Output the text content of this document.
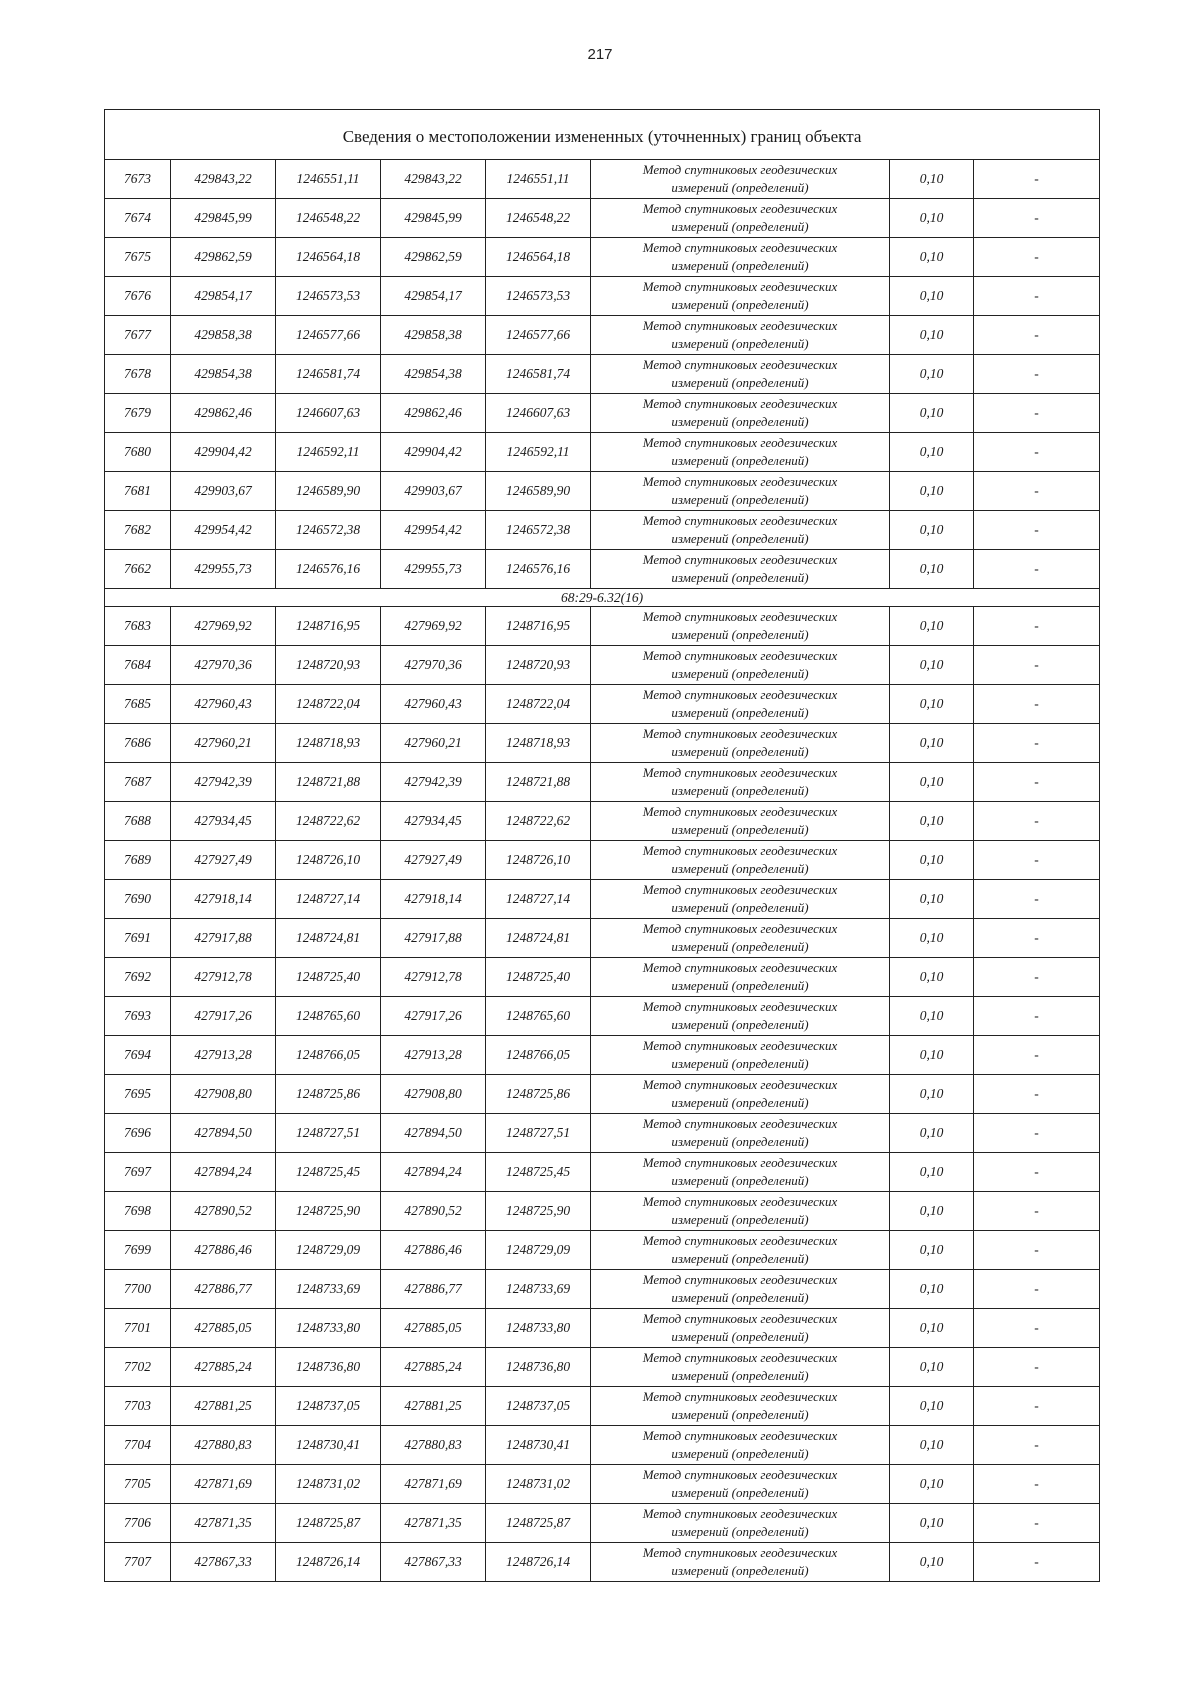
217
Сведения о местоположении измененных (уточненных) границ объекта							
7673	429843,22	1246551,11	429843,22	1246551,11	Метод спутниковых геодезических
измерений (определений)	0,10	-
7674	429845,99	1246548,22	429845,99	1246548,22	Метод спутниковых геодезических
измерений (определений)	0,10	-
7675	429862,59	1246564,18	429862,59	1246564,18	Метод спутниковых геодезических
измерений (определений)	0,10	-
7676	429854,17	1246573,53	429854,17	1246573,53	Метод спутниковых геодезических
измерений (определений)	0,10	-
7677	429858,38	1246577,66	429858,38	1246577,66	Метод спутниковых геодезических
измерений (определений)	0,10	-
7678	429854,38	1246581,74	429854,38	1246581,74	Метод спутниковых геодезических
измерений (определений)	0,10	-
7679	429862,46	1246607,63	429862,46	1246607,63	Метод спутниковых геодезических
измерений (определений)	0,10	-
7680	429904,42	1246592,11	429904,42	1246592,11	Метод спутниковых геодезических
измерений (определений)	0,10	-
7681	429903,67	1246589,90	429903,67	1246589,90	Метод спутниковых геодезических
измерений (определений)	0,10	-
7682	429954,42	1246572,38	429954,42	1246572,38	Метод спутниковых геодезических
измерений (определений)	0,10	-
7662	429955,73	1246576,16	429955,73	1246576,16	Метод спутниковых геодезических
измерений (определений)	0,10	-
68:29-6.32(16)							
7683	427969,92	1248716,95	427969,92	1248716,95	Метод спутниковых геодезических
измерений (определений)	0,10	-
7684	427970,36	1248720,93	427970,36	1248720,93	Метод спутниковых геодезических
измерений (определений)	0,10	-
7685	427960,43	1248722,04	427960,43	1248722,04	Метод спутниковых геодезических
измерений (определений)	0,10	-
7686	427960,21	1248718,93	427960,21	1248718,93	Метод спутниковых геодезических
измерений (определений)	0,10	-
7687	427942,39	1248721,88	427942,39	1248721,88	Метод спутниковых геодезических
измерений (определений)	0,10	-
7688	427934,45	1248722,62	427934,45	1248722,62	Метод спутниковых геодезических
измерений (определений)	0,10	-
7689	427927,49	1248726,10	427927,49	1248726,10	Метод спутниковых геодезических
измерений (определений)	0,10	-
7690	427918,14	1248727,14	427918,14	1248727,14	Метод спутниковых геодезических
измерений (определений)	0,10	-
7691	427917,88	1248724,81	427917,88	1248724,81	Метод спутниковых геодезических
измерений (определений)	0,10	-
7692	427912,78	1248725,40	427912,78	1248725,40	Метод спутниковых геодезических
измерений (определений)	0,10	-
7693	427917,26	1248765,60	427917,26	1248765,60	Метод спутниковых геодезических
измерений (определений)	0,10	-
7694	427913,28	1248766,05	427913,28	1248766,05	Метод спутниковых геодезических
измерений (определений)	0,10	-
7695	427908,80	1248725,86	427908,80	1248725,86	Метод спутниковых геодезических
измерений (определений)	0,10	-
7696	427894,50	1248727,51	427894,50	1248727,51	Метод спутниковых геодезических
измерений (определений)	0,10	-
7697	427894,24	1248725,45	427894,24	1248725,45	Метод спутниковых геодезических
измерений (определений)	0,10	-
7698	427890,52	1248725,90	427890,52	1248725,90	Метод спутниковых геодезических
измерений (определений)	0,10	-
7699	427886,46	1248729,09	427886,46	1248729,09	Метод спутниковых геодезических
измерений (определений)	0,10	-
7700	427886,77	1248733,69	427886,77	1248733,69	Метод спутниковых геодезических
измерений (определений)	0,10	-
7701	427885,05	1248733,80	427885,05	1248733,80	Метод спутниковых геодезических
измерений (определений)	0,10	-
7702	427885,24	1248736,80	427885,24	1248736,80	Метод спутниковых геодезических
измерений (определений)	0,10	-
7703	427881,25	1248737,05	427881,25	1248737,05	Метод спутниковых геодезических
измерений (определений)	0,10	-
7704	427880,83	1248730,41	427880,83	1248730,41	Метод спутниковых геодезических
измерений (определений)	0,10	-
7705	427871,69	1248731,02	427871,69	1248731,02	Метод спутниковых геодезических
измерений (определений)	0,10	-
7706	427871,35	1248725,87	427871,35	1248725,87	Метод спутниковых геодезических
измерений (определений)	0,10	-
7707	427867,33	1248726,14	427867,33	1248726,14	Метод спутниковых геодезических
измерений (определений)	0,10	-
